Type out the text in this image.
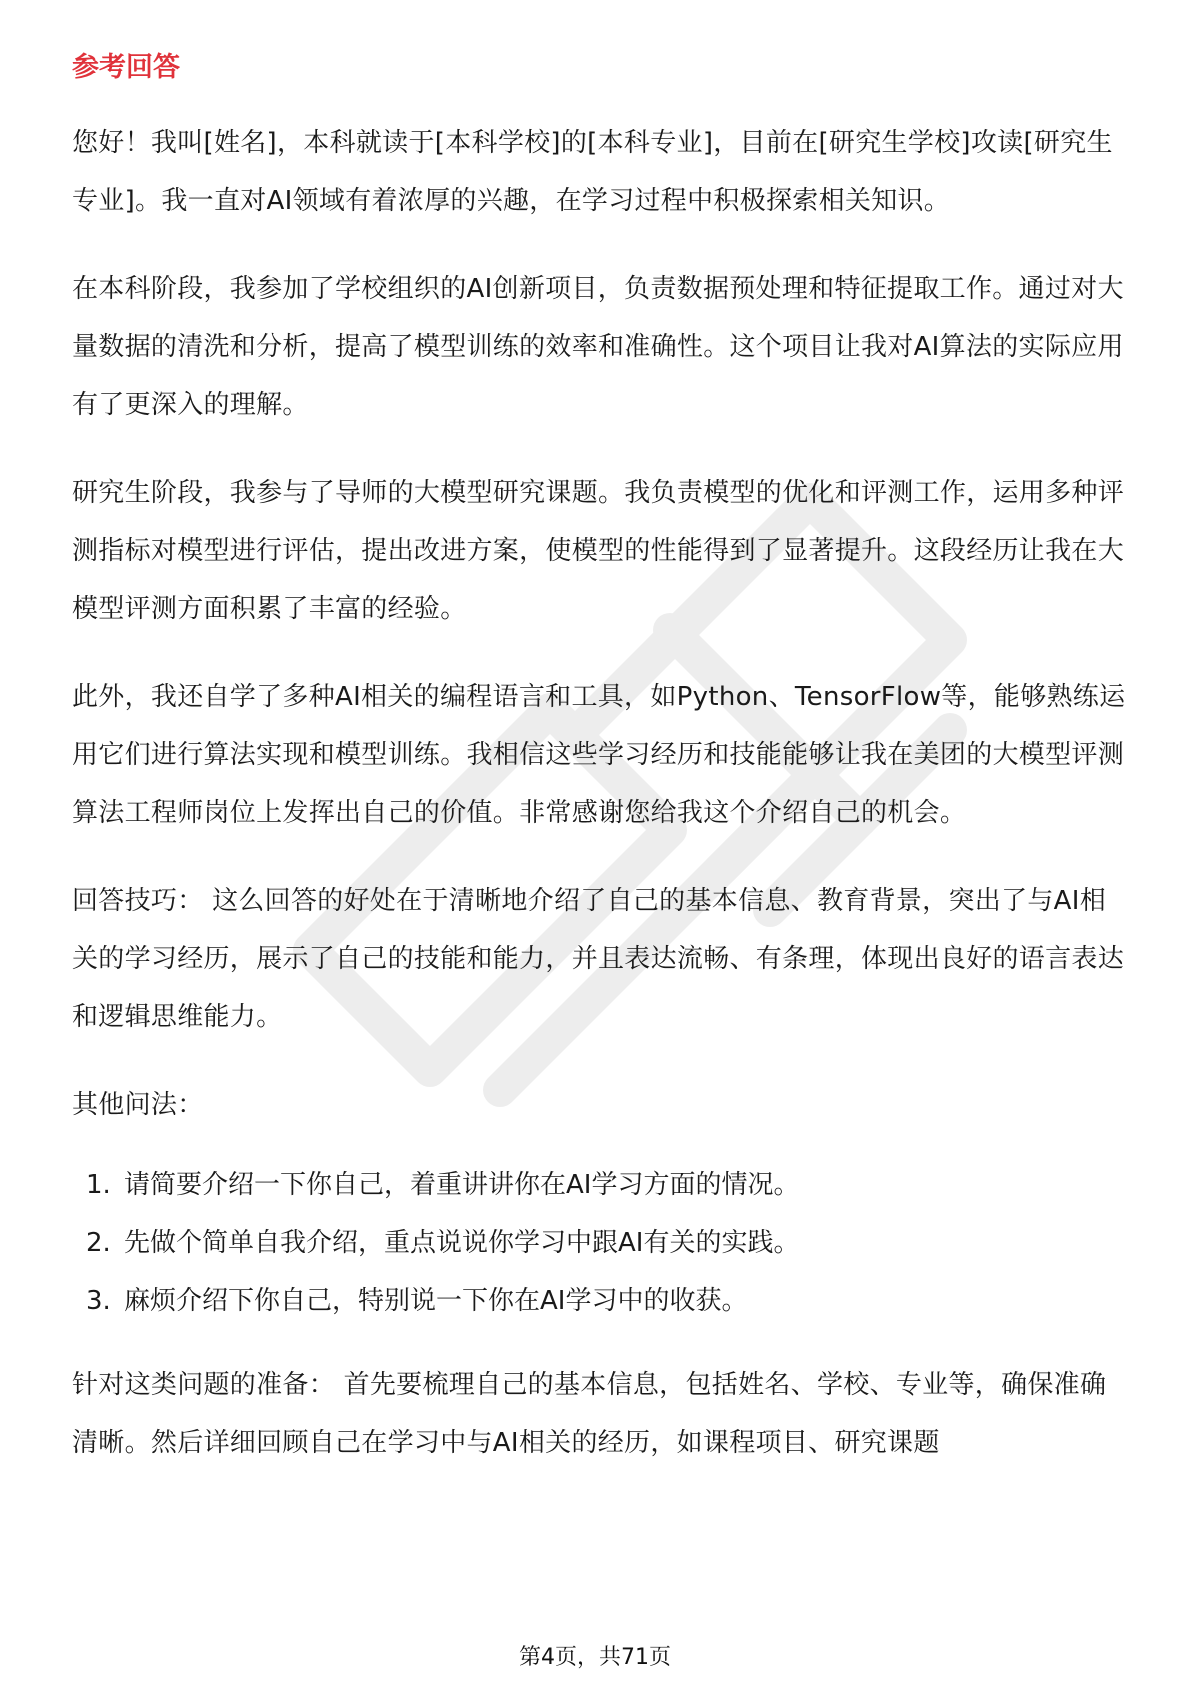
参考回答

您好！我叫[姓名]，本科就读于[本科学校]的[本科专业]，目前在[研究生学校]攻读[研究生专业]。我一直对AI领域有着浓厚的兴趣，在学习过程中积极探索相关知识。

在本科阶段，我参加了学校组织的AI创新项目，负责数据预处理和特征提取工作。通过对大量数据的清洗和分析，提高了模型训练的效率和准确性。这个项目让我对AI算法的实际应用有了更深入的理解。

研究生阶段，我参与了导师的大模型研究课题。我负责模型的优化和评测工作，运用多种评测指标对模型进行评估，提出改进方案，使模型的性能得到了显著提升。这段经历让我在大模型评测方面积累了丰富的经验。

此外，我还自学了多种AI相关的编程语言和工具，如Python、TensorFlow等，能够熟练运用它们进行算法实现和模型训练。我相信这些学习经历和技能能够让我在美团的大模型评测算法工程师岗位上发挥出自己的价值。非常感谢您给我这个介绍自己的机会。

回答技巧： 这么回答的好处在于清晰地介绍了自己的基本信息、教育背景，突出了与AI相关的学习经历，展示了自己的技能和能力，并且表达流畅、有条理，体现出良好的语言表达和逻辑思维能力。

其他问法：

1. 请简要介绍一下你自己，着重讲讲你在AI学习方面的情况。
2. 先做个简单自我介绍，重点说说你学习中跟AI有关的实践。
3. 麻烦介绍下你自己，特别说一下你在AI学习中的收获。

针对这类问题的准备： 首先要梳理自己的基本信息，包括姓名、学校、专业等，确保准确清晰。然后详细回顾自己在学习中与AI相关的经历，如课程项目、研究课题

第4页，共71页
